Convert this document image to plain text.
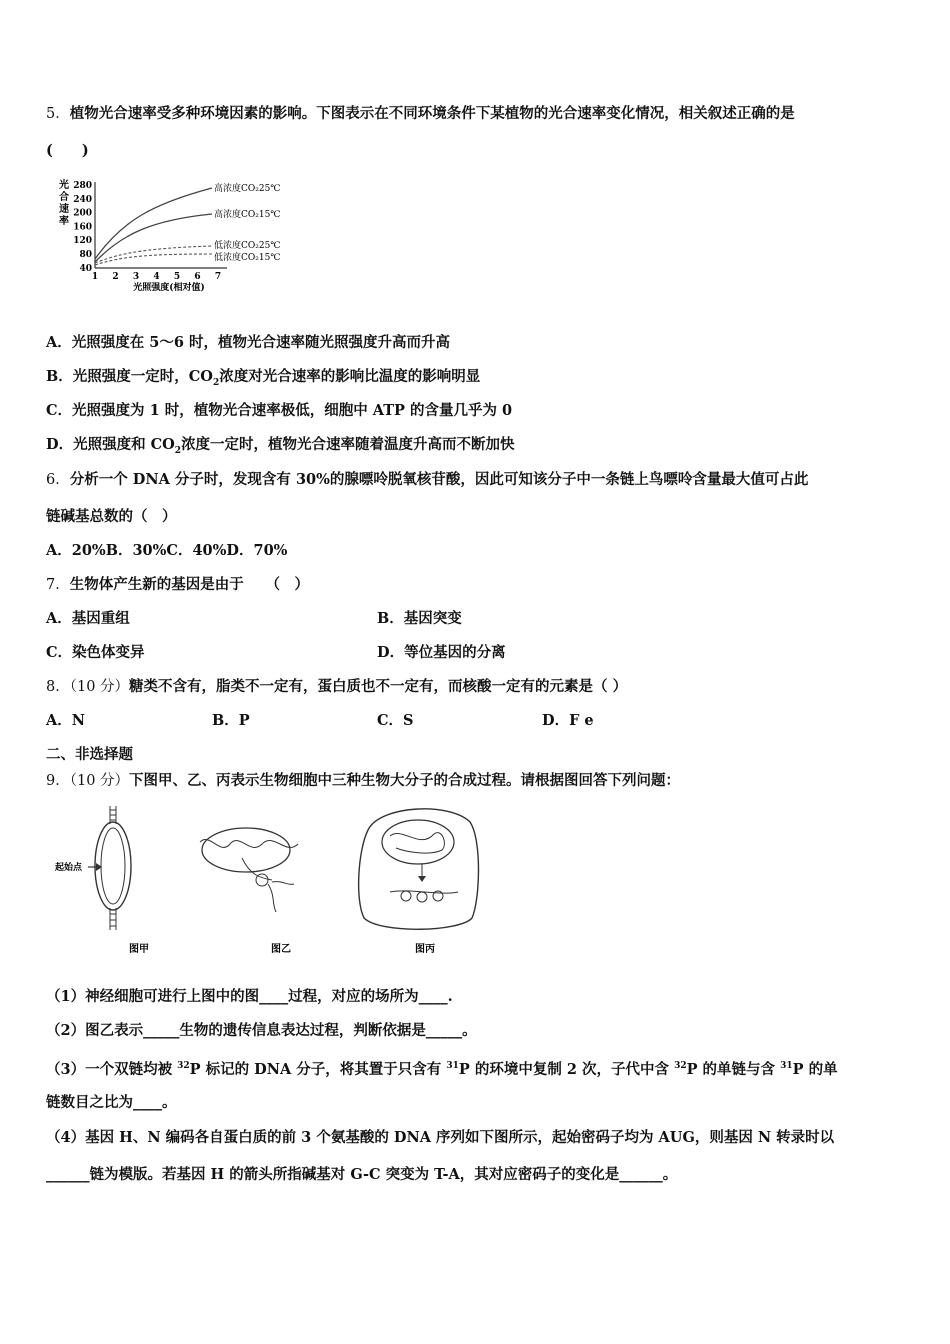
5．植物光合速率受多种环境因素的影响。下图表示在不同环境条件下某植物的光合速率变化情况，相关叙述正确的是
(　　)
光合速率
280
240
200
160
120
80
40
1 2 3 4 5 6 7
高浓度CO₂25℃
高浓度CO₂15℃
低浓度CO₂25℃
低浓度CO₂15℃
光照强度(相对值)
A．光照强度在 5～6 时，植物光合速率随光照强度升高而升高
B．光照强度一定时，$CO_2$浓度对光合速率的影响比温度的影响明显
C．光照强度为 1 时，植物光合速率极低，细胞中 ATP 的含量几乎为 0
D．光照强度和 $CO_2$浓度一定时，植物光合速率随着温度升高而不断加快
6．分析一个 DNA 分子时，发现含有 30%的腺嘌呤脱氧核苷酸，因此可知该分子中一条链上鸟嘌呤含量最大值可占此
链碱基总数的（　）
A．20%B．30%C．40%D．70%
7．生物体产生新的基因是由于　　（　）
A．基因重组	B．基因突变
C．染色体变异	D．等位基因的分离
8．（10 分）糖类不含有，脂类不一定有，蛋白质也不一定有，而核酸一定有的元素是（ ）
A．N	B．P	C．S	D．F e
二、非选择题
9．（10 分）下图甲、乙、丙表示生物细胞中三种生物大分子的合成过程。请根据图回答下列问题：
起始点
图甲	图乙	图丙
（1）神经细胞可进行上图中的图____过程，对应的场所为____.
（2）图乙表示_____生物的遗传信息表达过程，判断依据是_____。
（3）一个双链均被 $^{32}$P 标记的 DNA 分子，将其置于只含有 $^{31}$P 的环境中复制 2 次，子代中含 $^{32}$P 的单链与含 $^{31}$P 的单
链数目之比为____。
（4）基因 H、N 编码各自蛋白质的前 3 个氨基酸的 DNA 序列如下图所示，起始密码子均为 AUG，则基因 N 转录时以
______链为模版。若基因 H 的箭头所指碱基对 G-C 突变为 T-A，其对应密码子的变化是______。
